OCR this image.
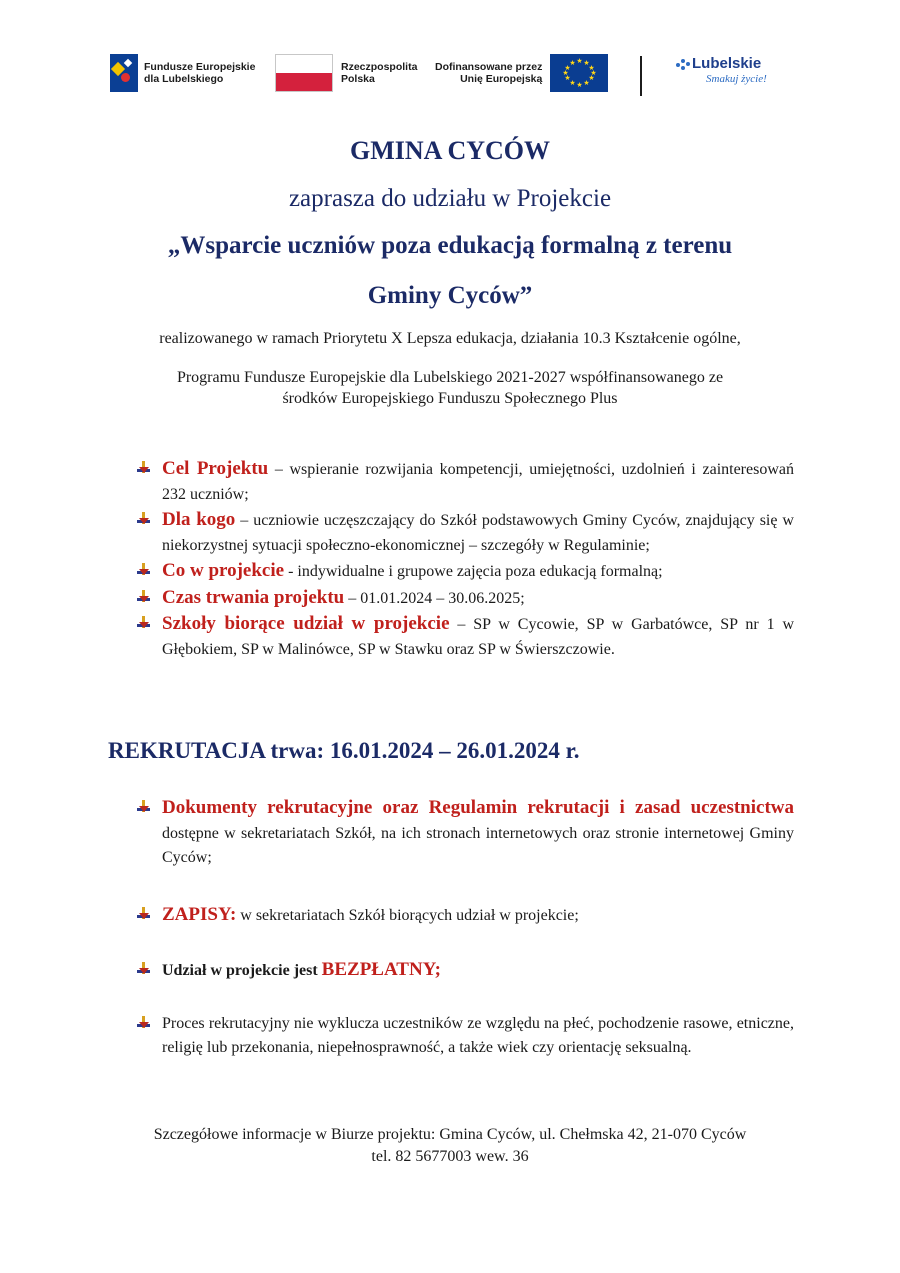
Fundusze Europejskie
dla Lubelskiego
Rzeczpospolita
Polska
Dofinansowane przez
Unię Europejską
★ ★
★
★
★
★
★
★
★
★
★
★	Lubelskie
Smakuj życie!
GMINA CYCÓW
zaprasza do udziału w Projekcie
„Wsparcie uczniów poza edukacją formalną z terenu
Gminy Cyców”
realizowanego w ramach Priorytetu X Lepsza edukacja, działania 10.3 Kształcenie ogólne,
Programu Fundusze Europejskie dla Lubelskiego 2021-2027 współfinansowanego ze
środków Europejskiego Funduszu Społecznego Plus
Cel Projektu – wspieranie rozwijania kompetencji, umiejętności, uzdolnień i zainteresowań 232 uczniów;
Dla kogo – uczniowie uczęszczający do Szkół podstawowych Gminy Cyców, znajdujący się w niekorzystnej sytuacji społeczno-ekonomicznej – szczegóły w Regulaminie;
Co w projekcie - indywidualne i grupowe zajęcia poza edukacją formalną;
Czas trwania projektu – 01.01.2024 – 30.06.2025;
Szkoły biorące udział w projekcie – SP w Cycowie, SP w Garbatówce, SP nr 1 w Głębokiem, SP w Malinówce, SP w Stawku oraz SP w Świerszczowie.
REKRUTACJA trwa: 16.01.2024 – 26.01.2024 r.
Dokumenty rekrutacyjne oraz Regulamin rekrutacji i zasad uczestnictwa dostępne w sekretariatach Szkół, na ich stronach internetowych oraz stronie internetowej Gminy Cyców;
ZAPISY: w sekretariatach Szkół biorących udział w projekcie;
Udział w projekcie jest BEZPŁATNY;
Proces rekrutacyjny nie wyklucza uczestników ze względu na płeć, pochodzenie rasowe, etniczne, religię lub przekonania, niepełnosprawność, a także wiek czy orientację seksualną.
Szczegółowe informacje w Biurze projektu: Gmina Cyców, ul. Chełmska 42, 21-070 Cyców
tel. 82 5677003 wew. 36
